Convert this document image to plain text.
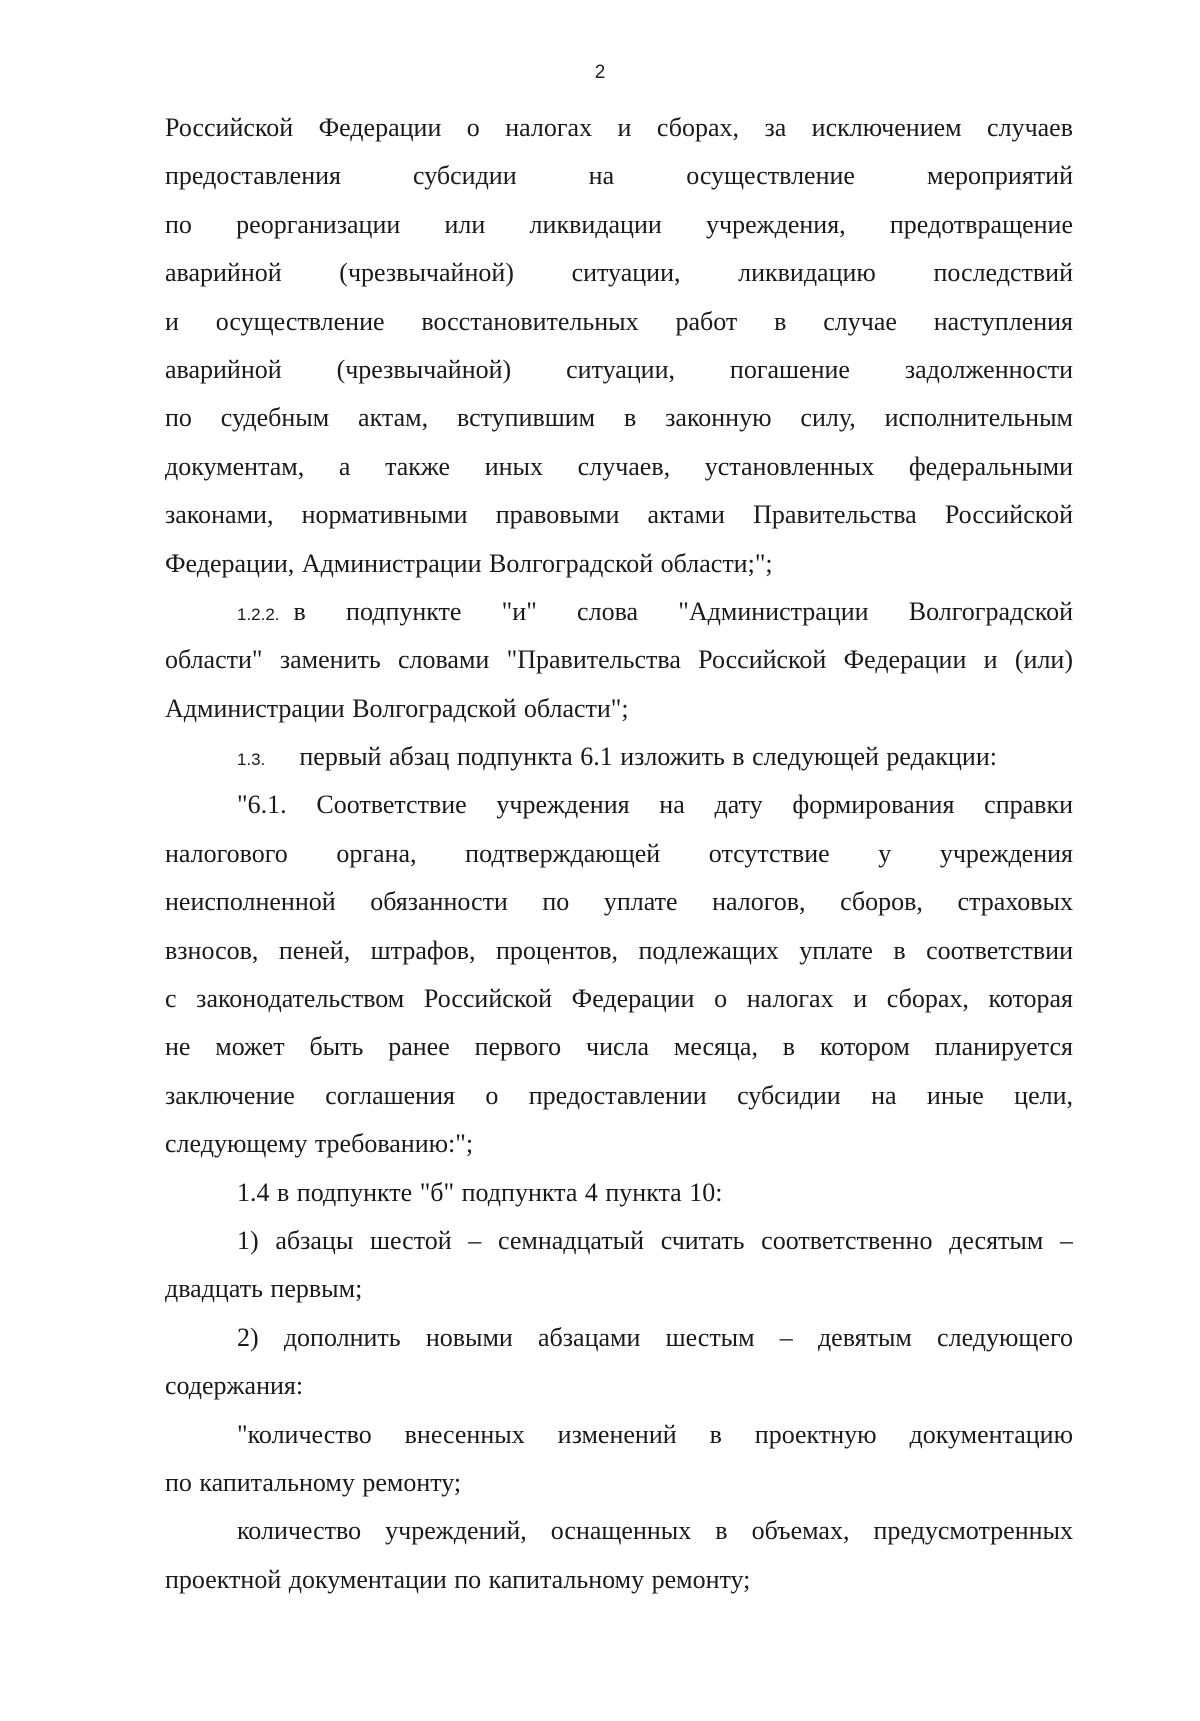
2
Российской Федерации о налогах и сборах, за исключением случаев
предоставления субсидии на осуществление мероприятий
по реорганизации или ликвидации учреждения, предотвращение
аварийной (чрезвычайной) ситуации, ликвидацию последствий
и осуществление восстановительных работ в случае наступления
аварийной (чрезвычайной) ситуации, погашение задолженности
по судебным актам, вступившим в законную силу, исполнительным
документам, а также иных случаев, установленных федеральными
законами, нормативными правовыми актами Правительства Российской
Федерации, Администрации Волгоградской области;";
1.2.2. в подпункте "и" слова "Администрации Волгоградской
области" заменить словами "Правительства Российской Федерации и (или)
Администрации Волгоградской области";
1.3. первый абзац подпункта 6.1 изложить в следующей редакции:
"6.1. Соответствие учреждения на дату формирования справки
налогового органа, подтверждающей отсутствие у учреждения
неисполненной обязанности по уплате налогов, сборов, страховых
взносов, пеней, штрафов, процентов, подлежащих уплате в соответствии
с законодательством Российской Федерации о налогах и сборах, которая
не может быть ранее первого числа месяца, в котором планируется
заключение соглашения о предоставлении субсидии на иные цели,
следующему требованию:";
1.4 в подпункте "б" подпункта 4 пункта 10:
1) абзацы шестой – семнадцатый считать соответственно десятым –
двадцать первым;
2) дополнить новыми абзацами шестым – девятым следующего
содержания:
"количество внесенных изменений в проектную документацию
по капитальному ремонту;
количество учреждений, оснащенных в объемах, предусмотренных
проектной документации по капитальному ремонту;
